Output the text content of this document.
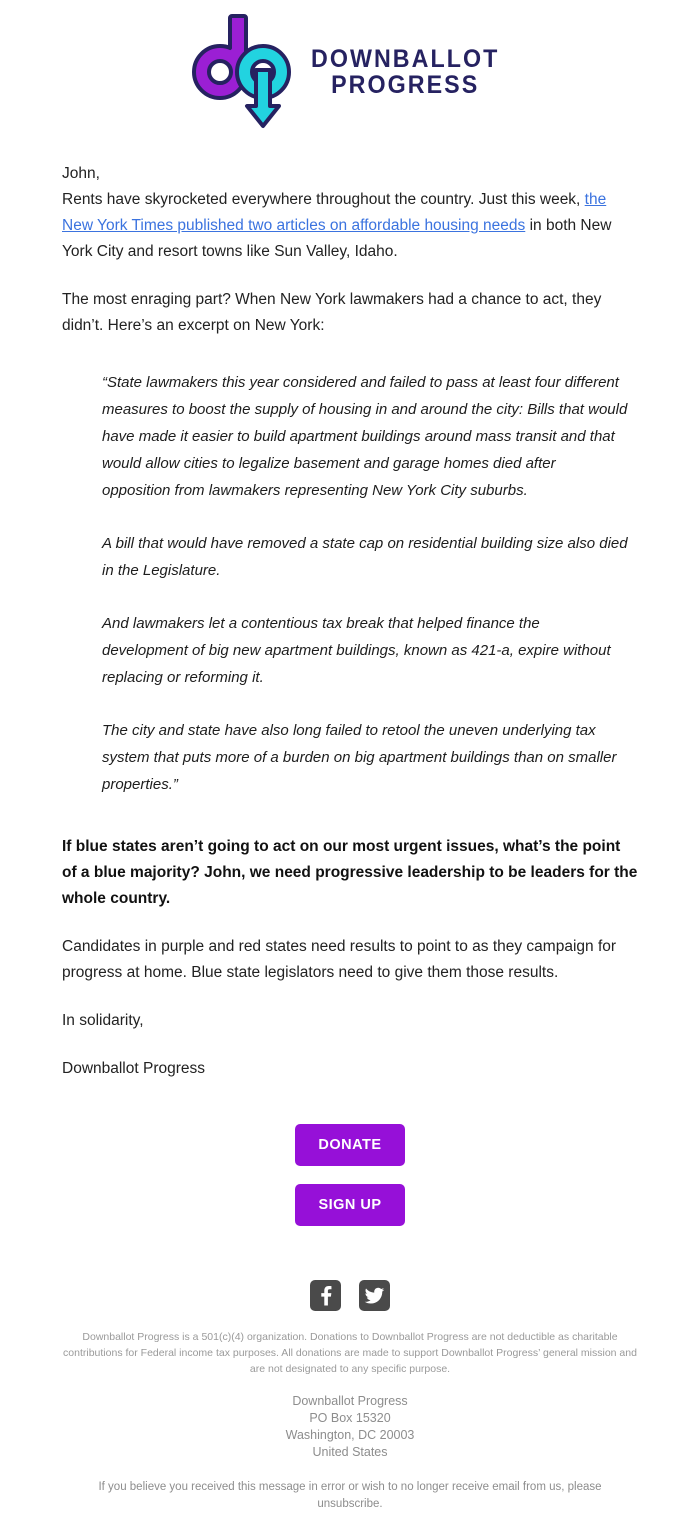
DOWNBALLOT
PROGRESS

John,

Rents have skyrocketed everywhere throughout the country. Just this week, the New York Times published two articles on affordable housing needs in both New York City and resort towns like Sun Valley, Idaho.

The most enraging part? When New York lawmakers had a chance to act, they didn’t. Here’s an excerpt on New York:

“State lawmakers this year considered and failed to pass at least four different measures to boost the supply of housing in and around the city: Bills that would have made it easier to build apartment buildings around mass transit and that would allow cities to legalize basement and garage homes died after opposition from lawmakers representing New York City suburbs.

A bill that would have removed a state cap on residential building size also died in the Legislature.

And lawmakers let a contentious tax break that helped finance the development of big new apartment buildings, known as 421-a, expire without replacing or reforming it.

The city and state have also long failed to retool the uneven underlying tax system that puts more of a burden on big apartment buildings than on smaller properties.”

If blue states aren’t going to act on our most urgent issues, what’s the point of a blue majority? John, we need progressive leadership to be leaders for the whole country.

Candidates in purple and red states need results to point to as they campaign for progress at home. Blue state legislators need to give them those results.

In solidarity,

Downballot Progress

DONATE
SIGN UP

Downballot Progress is a 501(c)(4) organization. Donations to Downballot Progress are not deductible as charitable contributions for Federal income tax purposes. All donations are made to support Downballot Progress’ general mission and are not designated to any specific purpose.

Downballot Progress
PO Box 15320
Washington, DC 20003
United States

If you believe you received this message in error or wish to no longer receive email from us, please unsubscribe.
